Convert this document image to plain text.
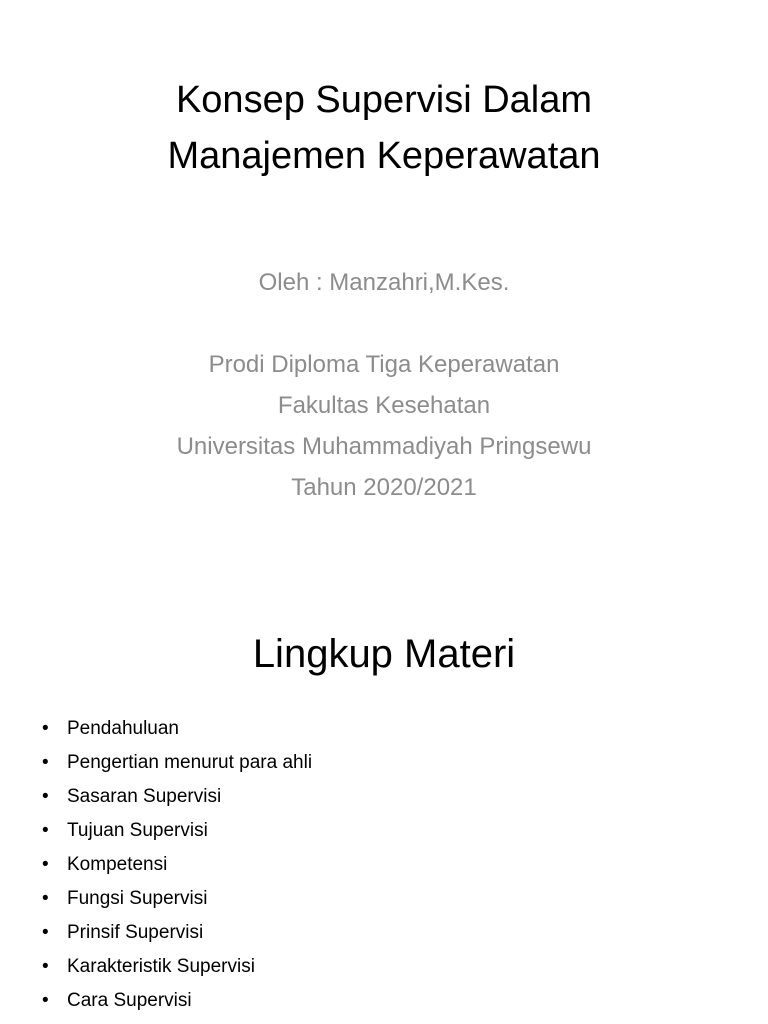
Konsep Supervisi Dalam
Manajemen Keperawatan
Oleh : Manzahri,M.Kes.
Prodi Diploma Tiga Keperawatan
Fakultas Kesehatan
Universitas Muhammadiyah Pringsewu
Tahun 2020/2021
Lingkup Materi
• Pendahuluan
• Pengertian menurut para ahli
• Sasaran Supervisi
• Tujuan Supervisi
• Kompetensi
• Fungsi Supervisi
• Prinsif Supervisi
• Karakteristik Supervisi
• Cara Supervisi
